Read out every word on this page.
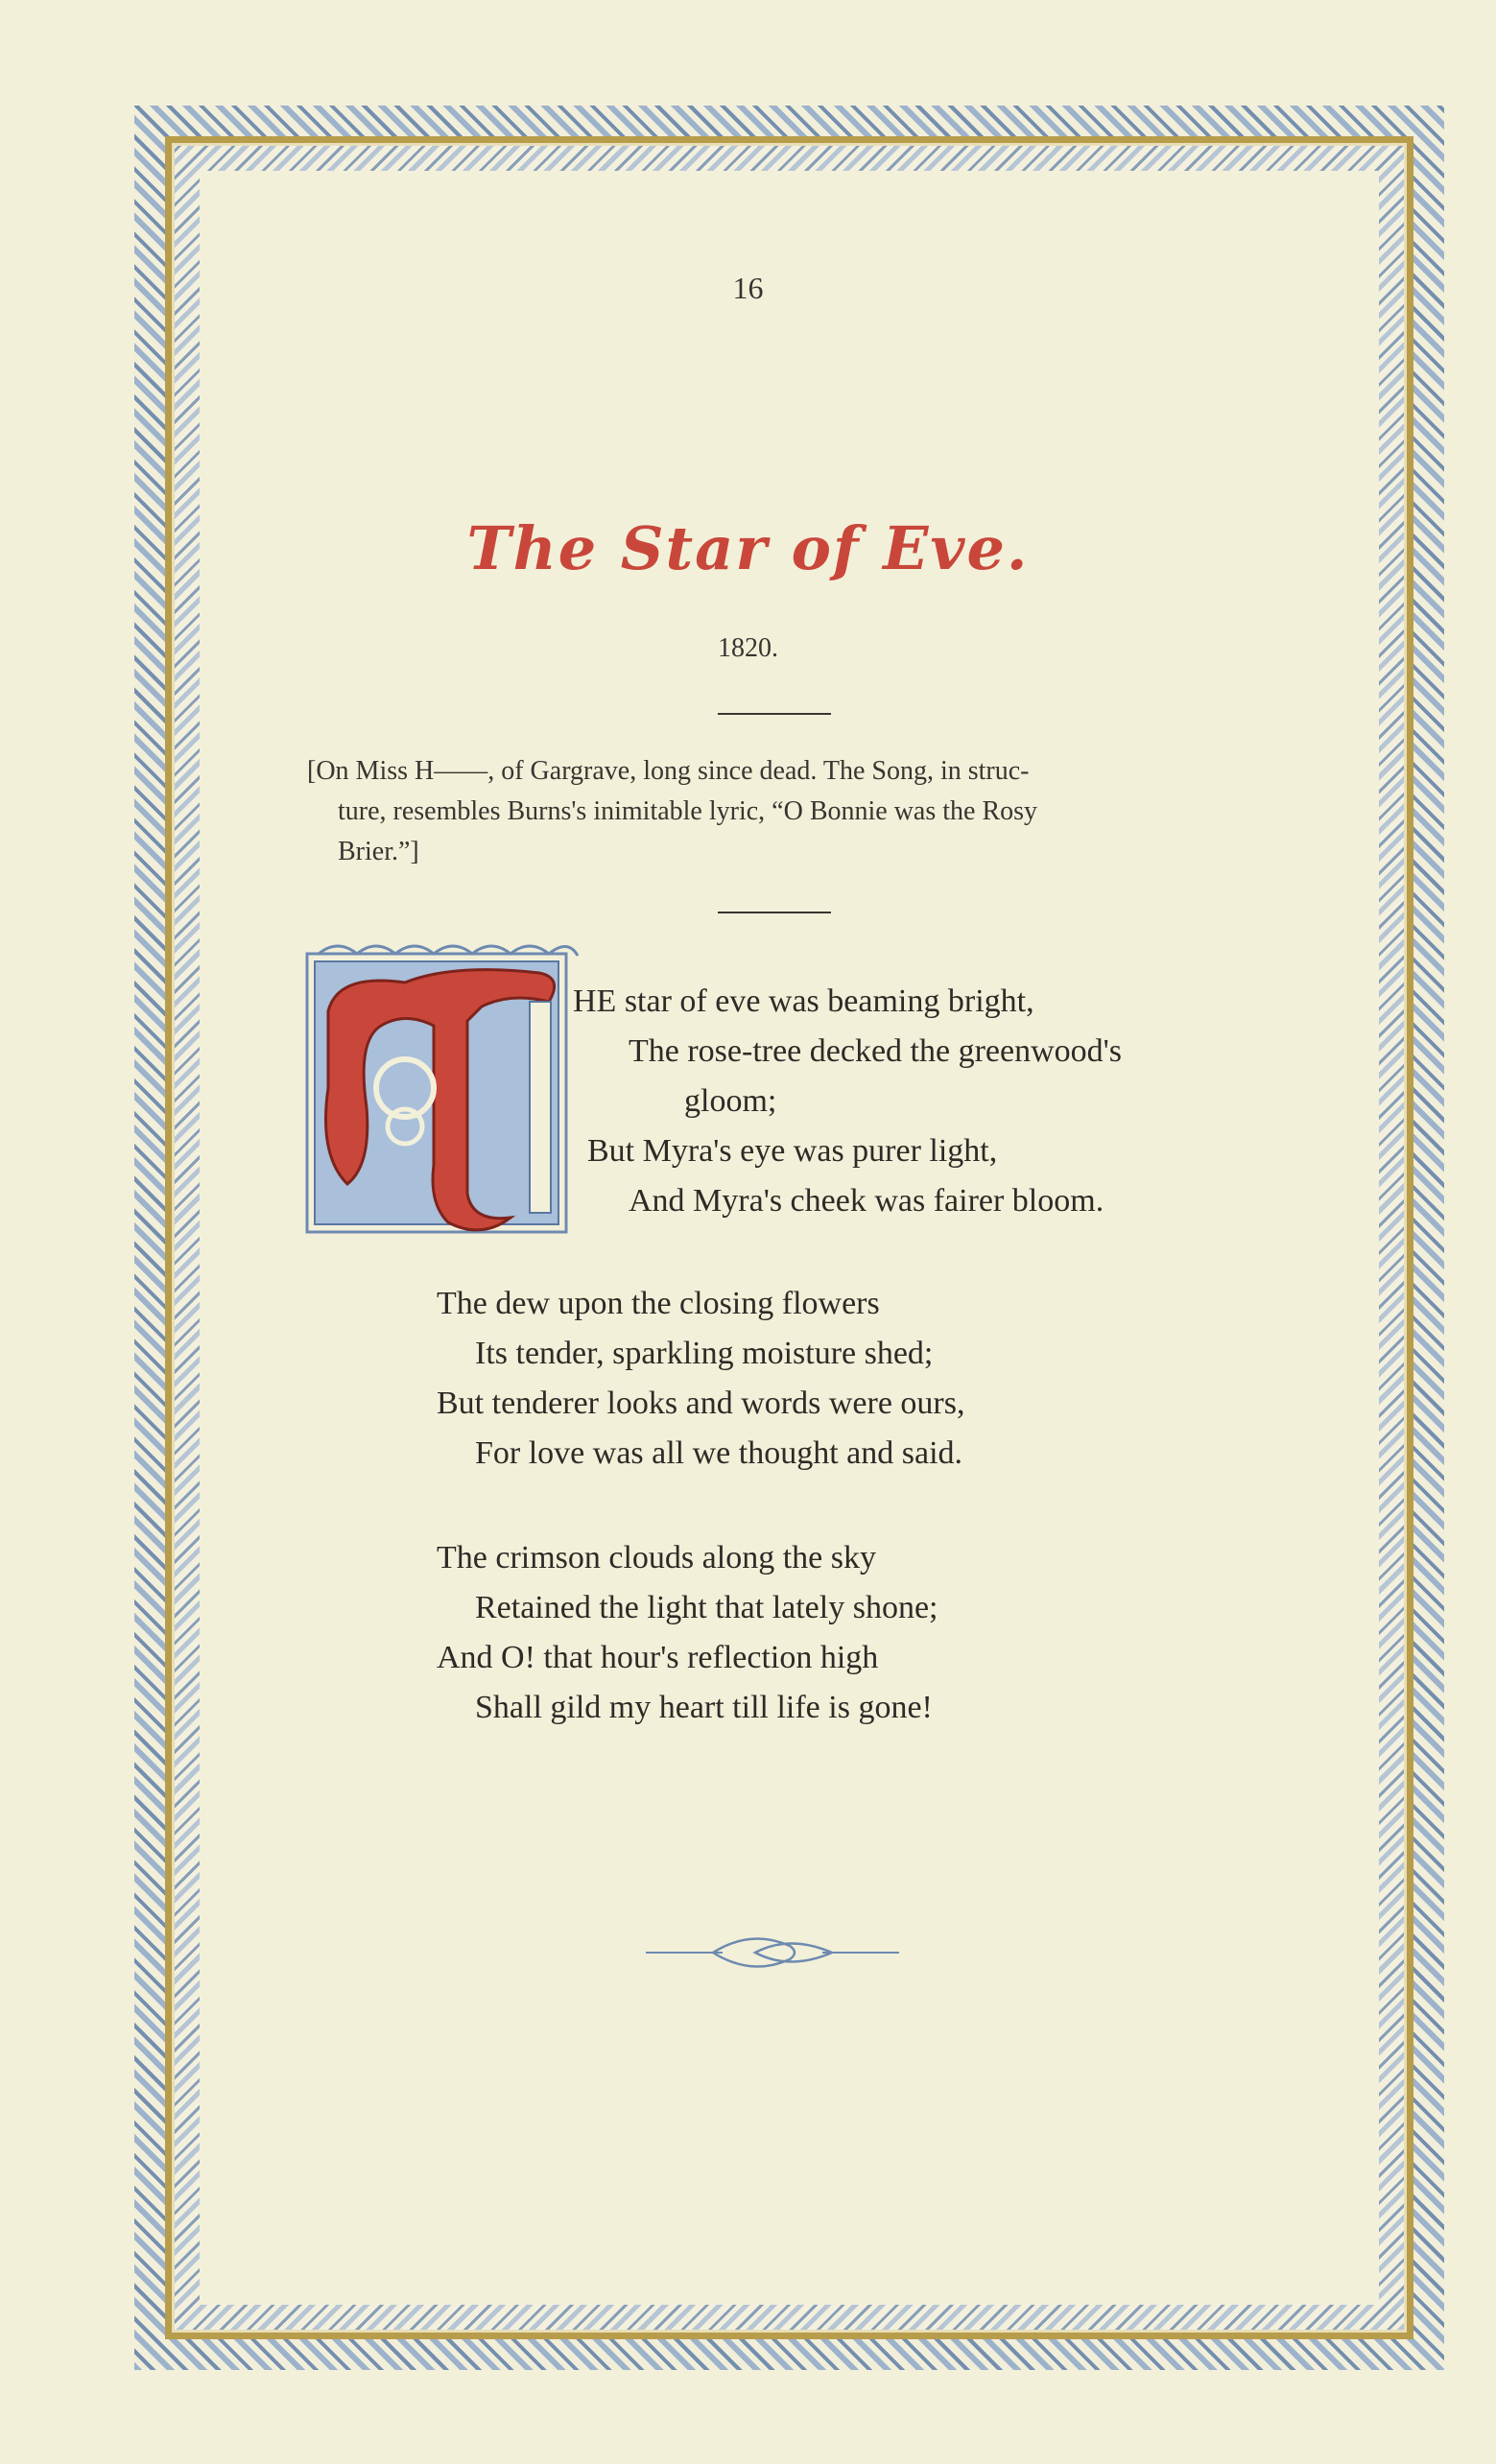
16
The Star of Eve.
1820.
[On Miss H——, of Gargrave, long since dead. The Song, in struc-

ture, resembles Burns's inimitable lyric, “O Bonnie was the Rosy
Brier.”]
T
HE star of eve was beaming bright,
The rose-tree decked the greenwood's
gloom;
But Myra's eye was purer light,
And Myra's cheek was fairer bloom.
The dew upon the closing flowers
Its tender, sparkling moisture shed;
But tenderer looks and words were ours,
For love was all we thought and said.
The crimson clouds along the sky
Retained the light that lately shone;
And O! that hour's reflection high
Shall gild my heart till life is gone!
